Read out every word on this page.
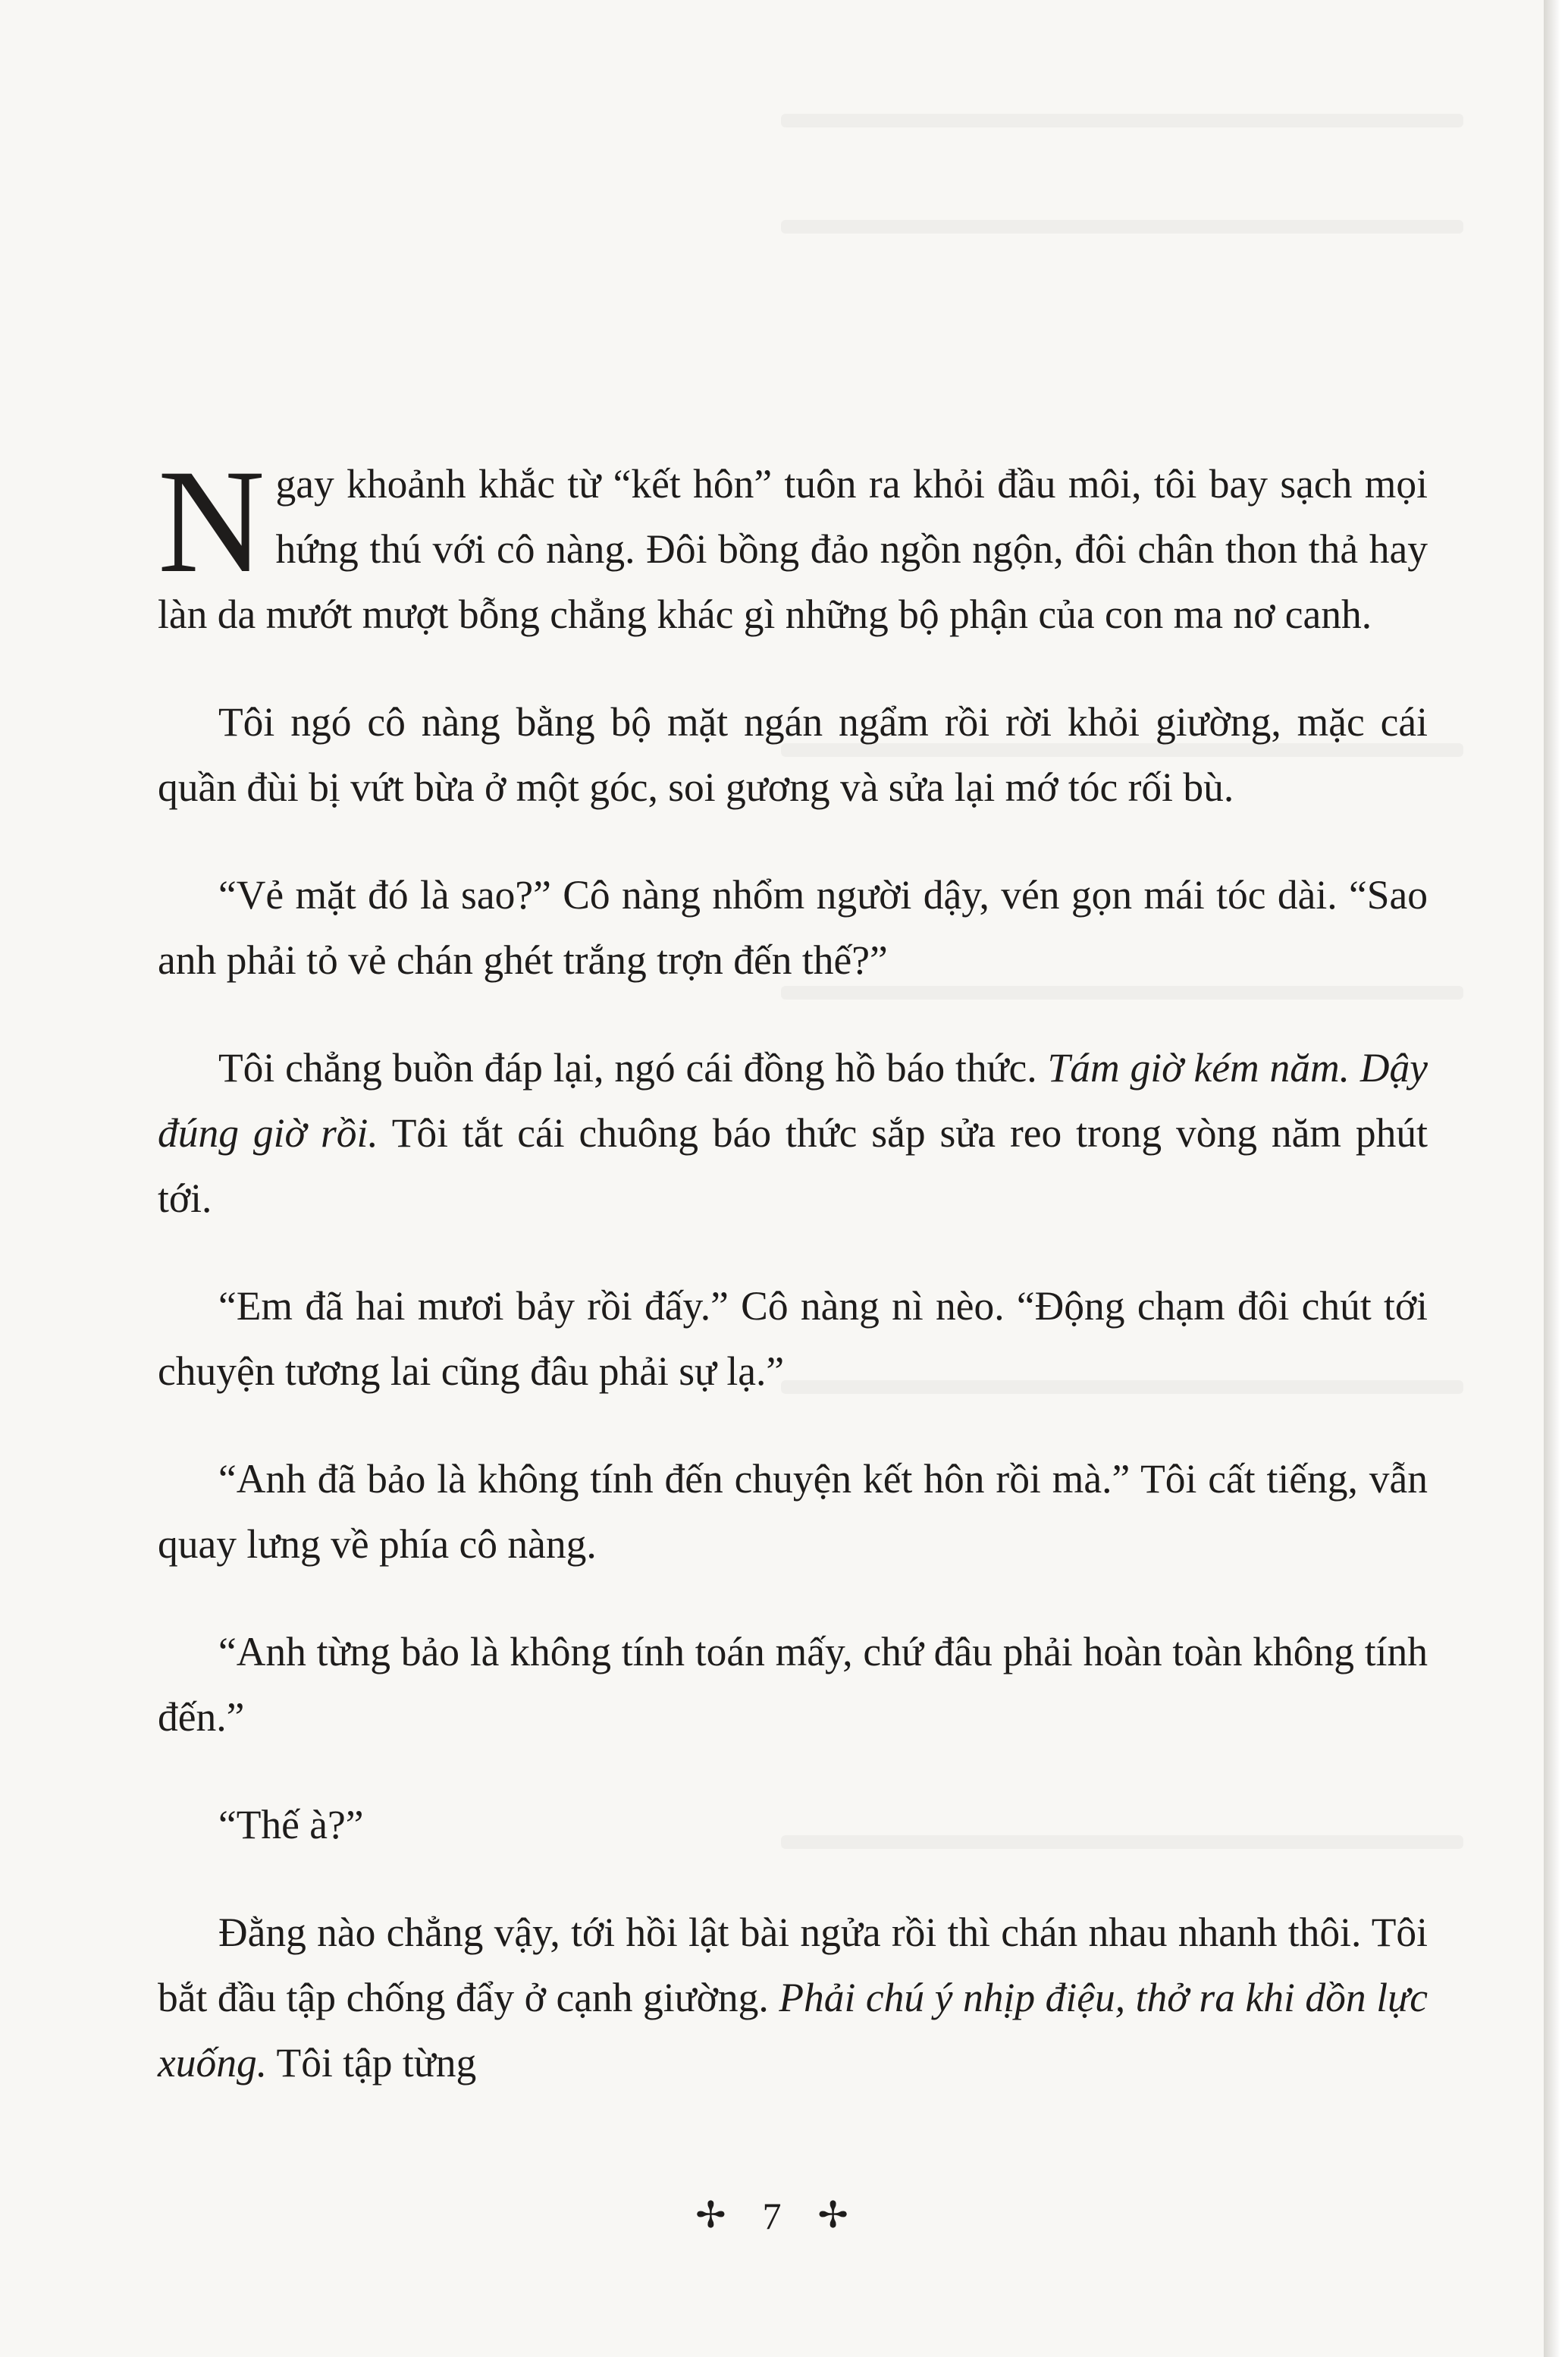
Ngay khoảnh khắc từ “kết hôn” tuôn ra khỏi đầu môi, tôi bay sạch mọi hứng thú với cô nàng. Đôi bồng đảo ngồn ngộn, đôi chân thon thả hay làn da mướt mượt bỗng chẳng khác gì những bộ phận của con ma nơ canh.

Tôi ngó cô nàng bằng bộ mặt ngán ngẩm rồi rời khỏi giường, mặc cái quần đùi bị vứt bừa ở một góc, soi gương và sửa lại mớ tóc rối bù.

“Vẻ mặt đó là sao?” Cô nàng nhổm người dậy, vén gọn mái tóc dài. “Sao anh phải tỏ vẻ chán ghét trắng trợn đến thế?”

Tôi chẳng buồn đáp lại, ngó cái đồng hồ báo thức. Tám giờ kém năm. Dậy đúng giờ rồi. Tôi tắt cái chuông báo thức sắp sửa reo trong vòng năm phút tới.

“Em đã hai mươi bảy rồi đấy.” Cô nàng nì nèo. “Động chạm đôi chút tới chuyện tương lai cũng đâu phải sự lạ.”

“Anh đã bảo là không tính đến chuyện kết hôn rồi mà.” Tôi cất tiếng, vẫn quay lưng về phía cô nàng.

“Anh từng bảo là không tính toán mấy, chứ đâu phải hoàn toàn không tính đến.”

“Thế à?”

Đằng nào chẳng vậy, tới hồi lật bài ngửa rồi thì chán nhau nhanh thôi. Tôi bắt đầu tập chống đẩy ở cạnh giường. Phải chú ý nhịp điệu, thở ra khi dồn lực xuống. Tôi tập từng

✢ 7 ✢
